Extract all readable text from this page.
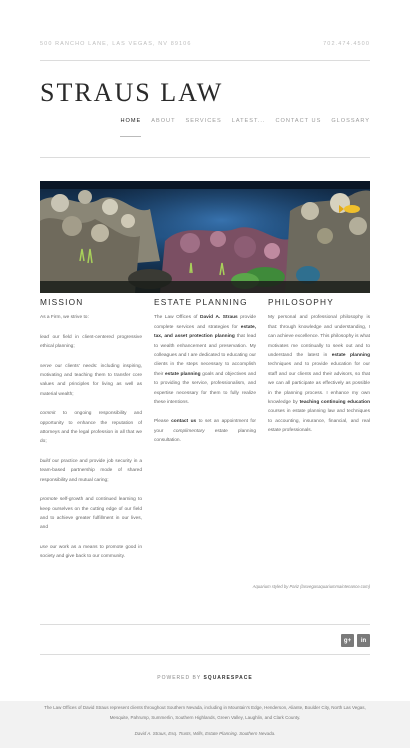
500 RANCHO LANE, LAS VEGAS, NV 89106	702.474.4500
STRAUS LAW
HOME ABOUT SERVICES LATEST... CONTACT US GLOSSARY
MISSION

As a Firm, we strive to:

lead our field in client-centered progressive ethical planning;

serve our clients' needs: including inspiring, motivating and teaching them to transfer core values and principles for living as well as material wealth;

commit to ongoing responsibility and opportunity to enhance the reputation of attorneys and the legal profession in all that we do;

build our practice and provide job security in a team-based partnership mode of shared responsibility and mutual caring;

promote self-growth and continued learning to keep ourselves on the cutting edge of our field and to achieve greater fulfillment in our lives, and

use our work as a means to promote good in society and give back to our community.

ESTATE PLANNING

The Law Offices of David A. Straus provide complete services and strategies for estate, tax, and asset protection planning that lead to wealth enhancement and preservation. My colleagues and I are dedicated to educating our clients in the steps necessary to accomplish their estate planning goals and objectives and to providing the service, professionalism, and expertise necessary for them to fully realize these intentions.

Please contact us to set an appointment for your complimentary estate planning consultation.

PHILOSOPHY

My personal and professional philosophy is that: through knowledge and understanding, I can achieve excellence. This philosophy is what motivates me continually to seek out and to understand the latest in estate planning techniques and to provide education for our staff and our clients and their advisors, so that we can all participate as effectively as possible in the planning process. I enhance my own knowledge by teaching continuing education courses in estate planning law and techniques to accounting, insurance, financial, and real estate professionals.

Aquarium styled by Pariz (lasvegasaquariummaintenance.com)
g+	in
POWERED BY SQUARESPACE

The Law Offices of David Straus represent clients throughout Southern Nevada, including in Mountain's Edge, Henderson, Aliante, Boulder City, North Las Vegas, Mesquite, Pahrump, Summerlin, Southern Highlands, Green Valley, Laughlin, and Clark County.

David A. Straus, Esq. Trusts, Wills, Estate Planning. Southern Nevada.
